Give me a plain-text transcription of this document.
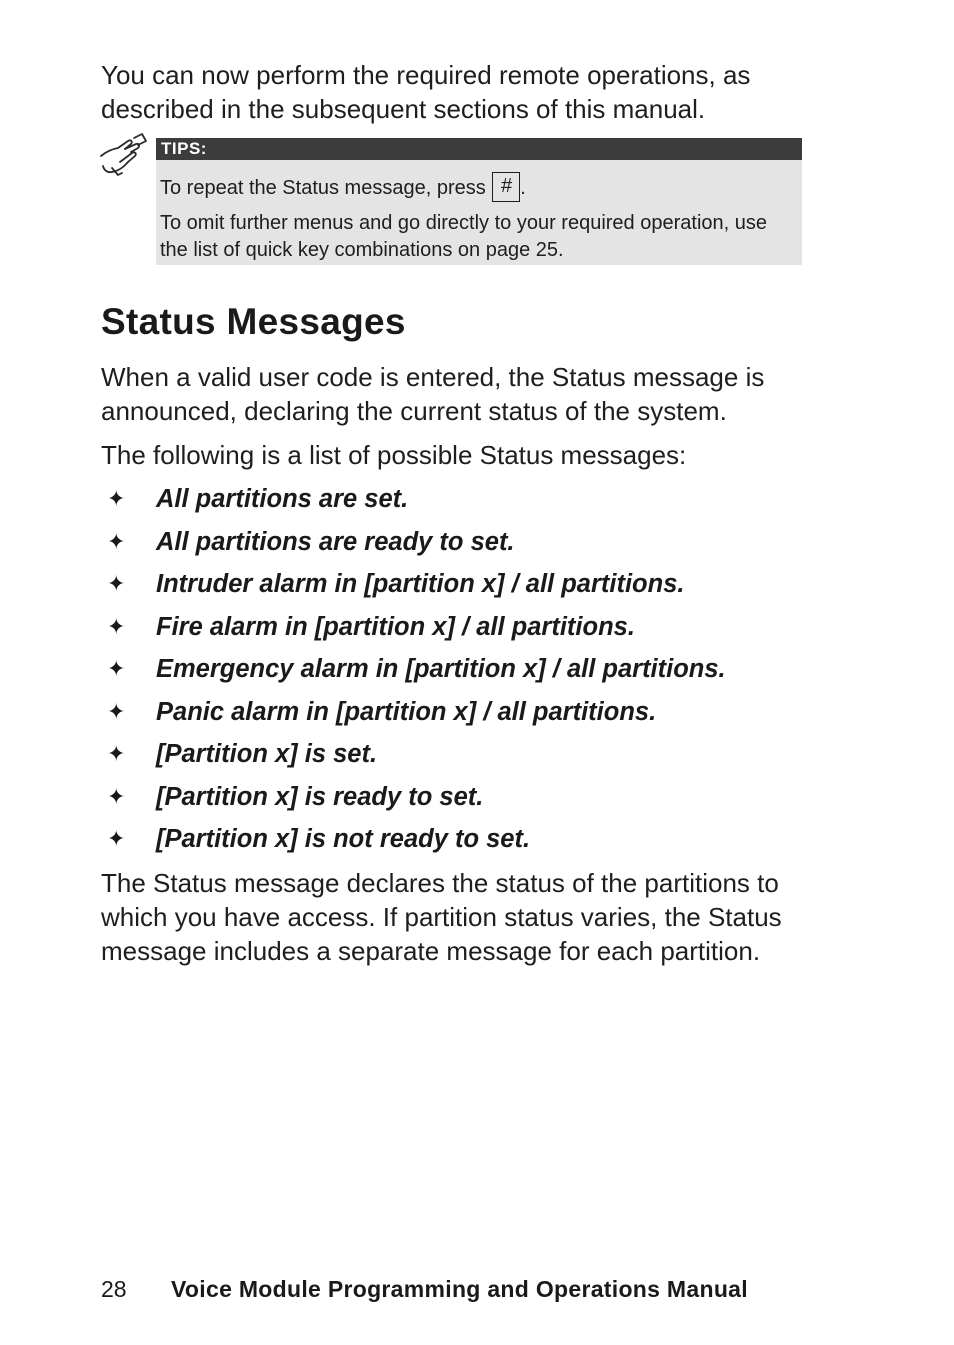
You can now perform the required remote operations, as described in the subsequent sections of this manual.

TIPS:

To repeat the Status message, press # .

To omit further menus and go directly to your required operation, use the list of quick key combinations on page 25.

Status Messages

When a valid user code is entered, the Status message is announced, declaring the current status of the system.

The following is a list of possible Status messages:

✦ All partitions are set.
✦ All partitions are ready to set.
✦ Intruder alarm in [partition x] / all partitions.
✦ Fire alarm in [partition x] / all partitions.
✦ Emergency alarm in [partition x] / all partitions.
✦ Panic alarm in [partition x] / all partitions.
✦ [Partition x] is set.
✦ [Partition x] is ready to set.
✦ [Partition x] is not ready to set.

The Status message declares the status of the partitions to which you have access. If partition status varies, the Status message includes a separate message for each partition.

28 Voice Module Programming and Operations Manual
